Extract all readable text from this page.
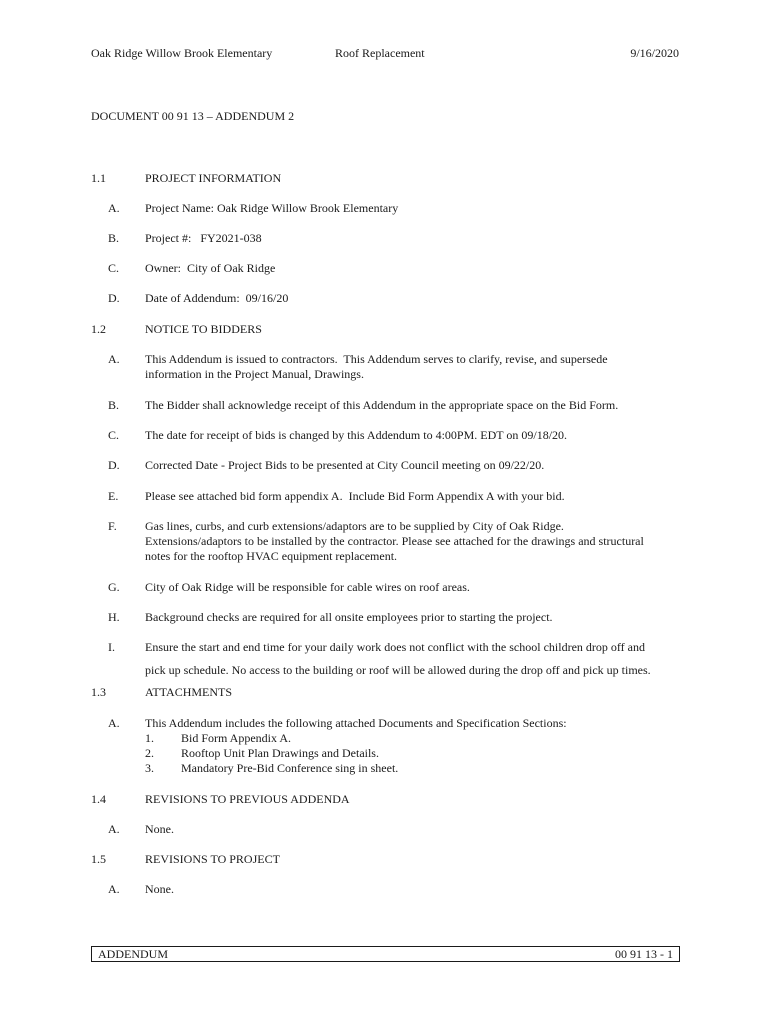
Oak Ridge Willow Brook Elementary	Roof Replacement	9/16/2020
DOCUMENT 00 91 13 – ADDENDUM 2
1.1	PROJECT INFORMATION
A. Project Name: Oak Ridge Willow Brook Elementary
B. Project #:   FY2021-038
C. Owner:  City of Oak Ridge
D. Date of Addendum:  09/16/20
1.2	NOTICE TO BIDDERS
A. This Addendum is issued to contractors.  This Addendum serves to clarify, revise, and supersede
information in the Project Manual, Drawings.
B. The Bidder shall acknowledge receipt of this Addendum in the appropriate space on the Bid Form.
C. The date for receipt of bids is changed by this Addendum to 4:00PM. EDT on 09/18/20.
D. Corrected Date - Project Bids to be presented at City Council meeting on 09/22/20.
E. Please see attached bid form appendix A.  Include Bid Form Appendix A with your bid.
F. Gas lines, curbs, and curb extensions/adaptors are to be supplied by City of Oak Ridge.
Extensions/adaptors to be installed by the contractor. Please see attached for the drawings and structural
notes for the rooftop HVAC equipment replacement.
G. City of Oak Ridge will be responsible for cable wires on roof areas.
H. Background checks are required for all onsite employees prior to starting the project.
I.	Ensure the start and end time for your daily work does not conflict with the school children drop off and
pick up schedule. No access to the building or roof will be allowed during the drop off and pick up times.
1.3	ATTACHMENTS
A. This Addendum includes the following attached Documents and Specification Sections:
1. Bid Form Appendix A.
2. Rooftop Unit Plan Drawings and Details.
3. Mandatory Pre-Bid Conference sing in sheet.
1.4	REVISIONS TO PREVIOUS ADDENDA
A. None.
1.5	REVISIONS TO PROJECT
A. None.
ADDENDUM	00 91 13 - 1
